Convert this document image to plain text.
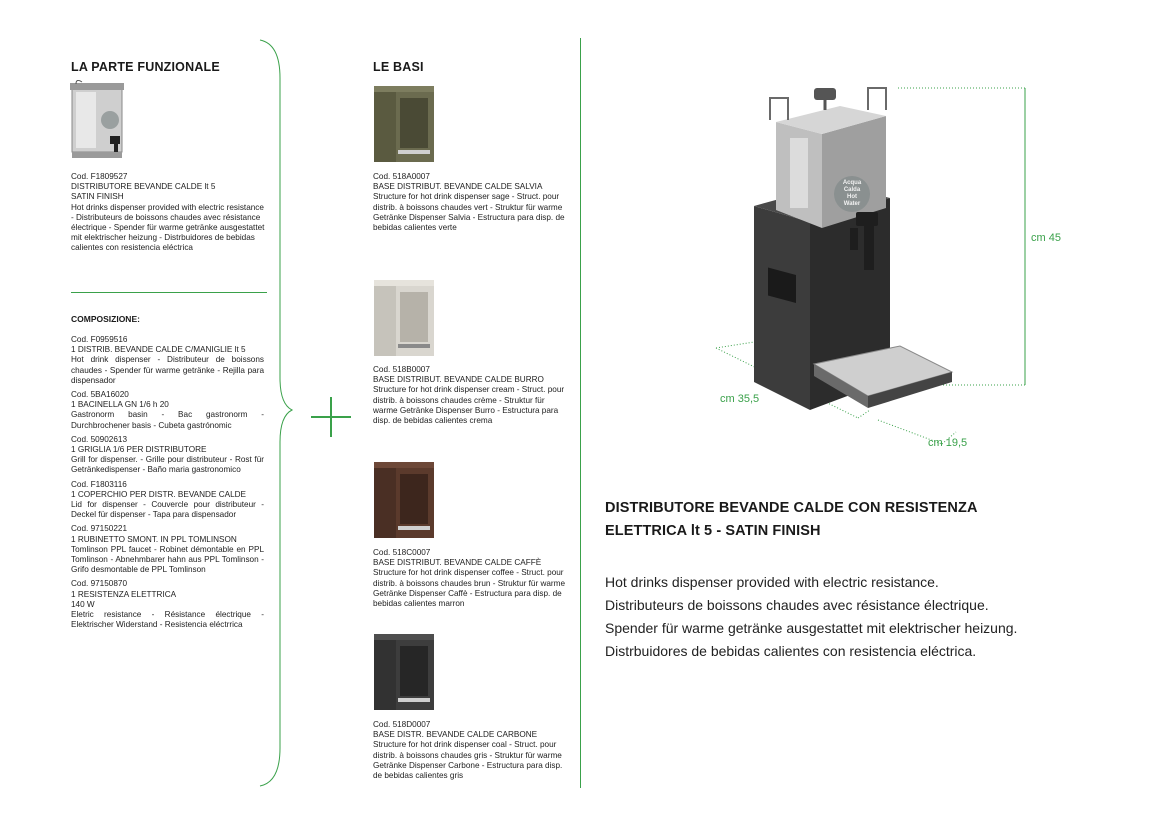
LA PARTE FUNZIONALE

Cod. F1809527

DISTRIBUTORE BEVANDE CALDE lt 5

SATIN FINISH

Hot drinks dispenser provided with electric resistance - Distributeurs de boissons chaudes avec résistance électrique - Spender für warme getränke ausgestattet mit elektrischer heizung - Distrbuidores de bebidas calientes con resistencia eléctrica

COMPOSIZIONE:

Cod. F0959516

1 DISTRIB. BEVANDE CALDE C/MANIGLIE lt 5

Hot drink dispenser - Distributeur de boissons chaudes - Spender für warme getränke - Rejilla para dispensador

Cod. 5BA16020

1 BACINELLA GN 1/6 h 20

Gastronorm basin - Bac gastronorm - Durchbrochener basis - Cubeta gastrónomic

Cod. 50902613

1 GRIGLIA 1/6 PER DISTRIBUTORE

Grill for dispenser. - Grille pour distributeur - Rost für Getränkedispenser - Baño maria gastronomico

Cod. F1803116

1 COPERCHIO PER DISTR. BEVANDE CALDE

Lid for dispenser - Couvercle pour distributeur - Deckel für dispenser - Tapa para dispensador

Cod. 97150221

1 RUBINETTO SMONT. IN PPL TOMLINSON

Tomlinson PPL faucet - Robinet démontable en PPL Tomlinson - Abnehmbarer hahn aus PPL Tomlinson - Grifo desmontable de PPL Tomlinson

Cod. 97150870

1 RESISTENZA ELETTRICA

140 W

Eletric resistance - Résistance électrique - Elektrischer Widerstand - Resistencia eléctrrica

LE BASI

Cod. 518A0007

BASE DISTRIBUT. BEVANDE CALDE SALVIA

Structure for hot drink dispenser sage - Struct. pour distrib. à boissons chaudes vert - Struktur für warme Getränke Dispenser Salvia - Estructura para disp. de bebidas calientes verte

Cod. 518B0007

BASE DISTRIBUT. BEVANDE CALDE BURRO

Structure for hot drink dispenser cream - Struct. pour distrib. à boissons chaudes crème - Struktur für warme Getränke Dispenser Burro - Estructura para disp. de bebidas calientes crema

Cod. 518C0007

BASE DISTRIBUT. BEVANDE CALDE CAFFÈ

Structure for hot drink dispenser coffee - Struct. pour distrib. à boissons chaudes brun - Struktur für warme Getränke Dispenser Caffè - Estructura para disp. de bebidas calientes marron

Cod. 518D0007

BASE DISTR. BEVANDE CALDE CARBONE

Structure for hot drink dispenser coal - Struct. pour distrib. à boissons chaudes gris - Struktur für warme Getränke Dispenser Carbone - Estructura para disp. de bebidas calientes gris

Acqua
Calda
Hot
Water
cm 45
cm 35,5
cm 19,5
DISTRIBUTORE BEVANDE CALDE CON RESISTENZA
ELETTRICA lt 5 - SATIN FINISH
Hot drinks dispenser provided with electric resistance.
Distributeurs de boissons chaudes avec résistance électrique.
Spender für warme getränke ausgestattet mit elektrischer heizung.
Distrbuidores de bebidas calientes con resistencia eléctrica.
